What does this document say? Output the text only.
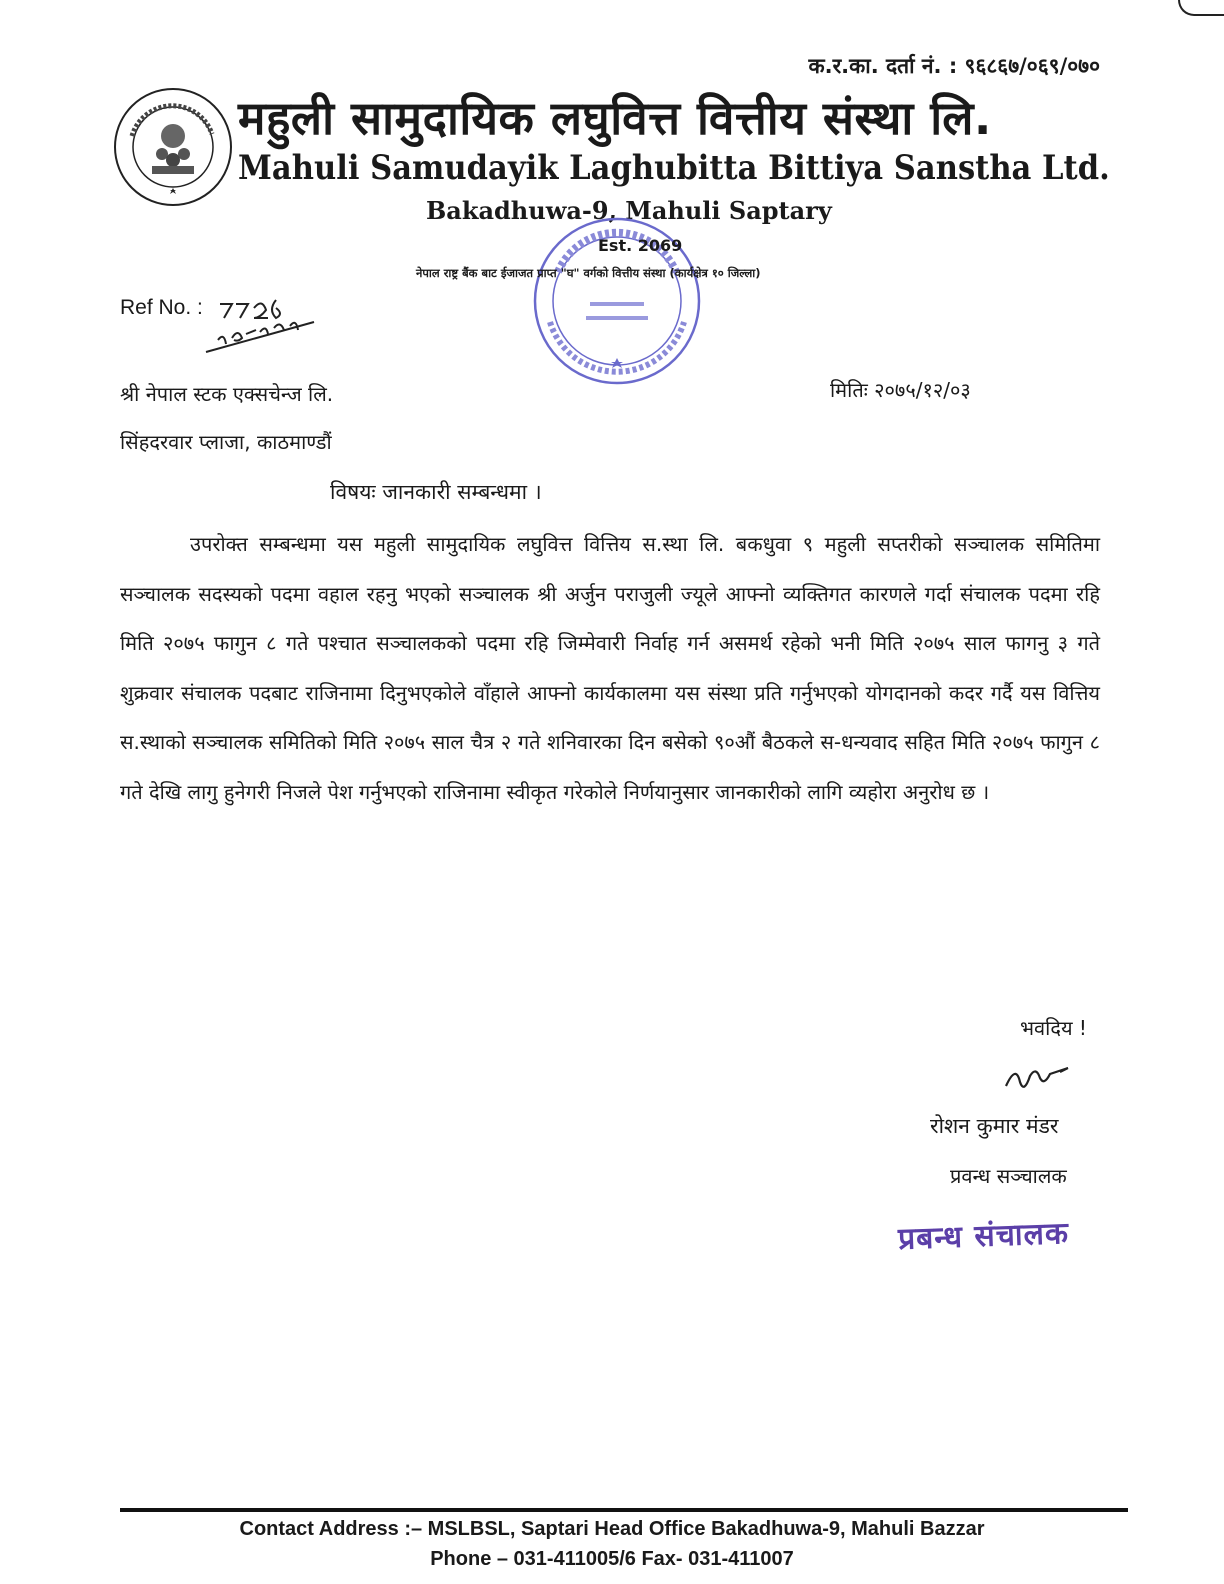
क.र.का. दर्ता नं. : ९६८६७/०६९/०७०
महुली सामुदायिक लघुवित्त वित्तीय संस्था लि.
Mahuli Samudayik Laghubitta Bittiya Sanstha Ltd.
Bakadhuwa-9, Mahuli Saptary
Est. 2069
नेपाल राष्ट्र बैंक बाट ईजाजत प्राप्त "घ" वर्गको वित्तीय संस्था (कार्यक्षेत्र १० जिल्ला)
Ref No. :
श्री नेपाल स्टक एक्सचेन्ज लि.
सिंहदरवार प्लाजा, काठमाण्डौं
मितिः २०७५/१२/०३
विषयः जानकारी सम्बन्धमा ।
उपरोक्त सम्बन्धमा यस महुली सामुदायिक लघुवित्त वित्तिय स.स्था लि. बकधुवा ९ महुली सप्तरीको सञ्चालक समितिमा सञ्चालक सदस्यको पदमा वहाल रहनु भएको सञ्चालक श्री अर्जुन पराजुली ज्यूले आफ्नो व्यक्तिगत कारणले गर्दा संचालक पदमा रहि मिति २०७५ फागुन ८ गते पश्चात सञ्चालकको पदमा रहि जिम्मेवारी निर्वाह गर्न असमर्थ रहेको भनी मिति २०७५ साल फागनु ३ गते शुक्रवार संचालक पदबाट राजिनामा दिनुभएकोले वाँहाले आफ्नो कार्यकालमा यस संस्था प्रति गर्नुभएको योगदानको कदर गर्दै यस वित्तिय स.स्थाको सञ्चालक समितिको मिति २०७५ साल चैत्र २ गते शनिवारका दिन बसेको ९०औं बैठकले स-धन्यवाद सहित मिति २०७५ फागुन ८ गते देखि लागु हुनेगरी निजले पेश गर्नुभएको राजिनामा स्वीकृत गरेकोले निर्णयानुसार जानकारीको लागि व्यहोरा अनुरोध छ ।
भवदिय !
रोशन कुमार मंडर
प्रवन्ध सञ्चालक
प्रबन्ध संचालक
Contact Address :– MSLBSL, Saptari Head Office Bakadhuwa-9, Mahuli Bazzar
Phone – 031-411005/6 Fax- 031-411007
